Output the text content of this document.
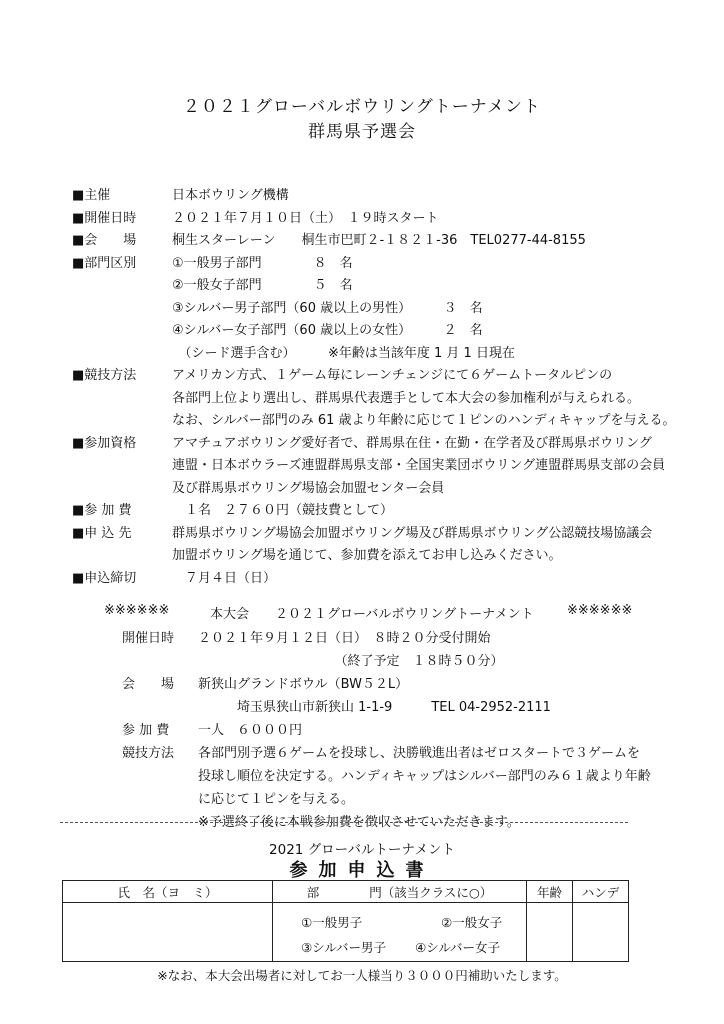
２０２１グローバルボウリングトーナメント
群馬県予選会
■主催	日本ボウリング機構
■開催日時	２０２１年７月１０日（土）　１９時スタート
■会　　場	桐生スターレーン　　桐生市巴町２-１８２１-36　TEL0277-44-8155
■部門区別	①一般男子部門　　　　８　名
②一般女子部門　　　　５　名
③シルバー男子部門（60 歳以上の男性）　　　３　名
④シルバー女子部門（60 歳以上の女性）　　　２　名
　（シード選手含む）　　　※年齢は当該年度 1 月 1 日現在
■競技方法	アメリカン方式、１ゲーム毎にレーンチェンジにて６ゲームトータルピンの
各部門上位より選出し、群馬県代表選手として本大会の参加権利が与えられる。
なお、シルバー部門のみ 61 歳より年齢に応じて１ピンのハンディキャップを与える。
■参加資格	アマチュアボウリング愛好者で、群馬県在住・在勤・在学者及び群馬県ボウリング
連盟・日本ボウラーズ連盟群馬県支部・全国実業団ボウリング連盟群馬県支部の会員
及び群馬県ボウリング場協会加盟センター会員
■参 加 費	　１名　２７６０円（競技費として）
■申 込 先	群馬県ボウリング場協会加盟ボウリング場及び群馬県ボウリング公認競技場協議会
加盟ボウリング場を通じて、参加費を添えてお申し込みください。
■申込締切	　７月４日（日）
※※※※※※	本大会　　２０２１グローバルボウリングトーナメント	※※※※※※
開催日時 ２０２１年９月１２日（日）　８時２０分受付開始
　　　　　　　　　　　（終了予定　１８時５０分）
会　　場 新狭山グランドボウル（BW５２L）
　　　埼玉県狭山市新狭山 1-1-9　　　TEL 04-2952-2111
参 加 費 一人　６０００円
競技方法 各部門別予選６ゲームを投球し、決勝戦進出者はゼロスタートで３ゲームを
投球し順位を決定する。ハンディキャップはシルバー部門のみ６１歳より年齢
に応じて１ピンを与える。
※予選終了後に本戦参加費を徴収させていただきます。
2021 グローバルトーナメント
参加申込書
氏　名（ヨ　ミ）	部　　　　門（該当クラスに○）	年齢	ハンデ

	①一般男子 ②一般女子
③シルバー男子 ④シルバー女子		

※なお、本大会出場者に対してお一人様当り３０００円補助いたします。
